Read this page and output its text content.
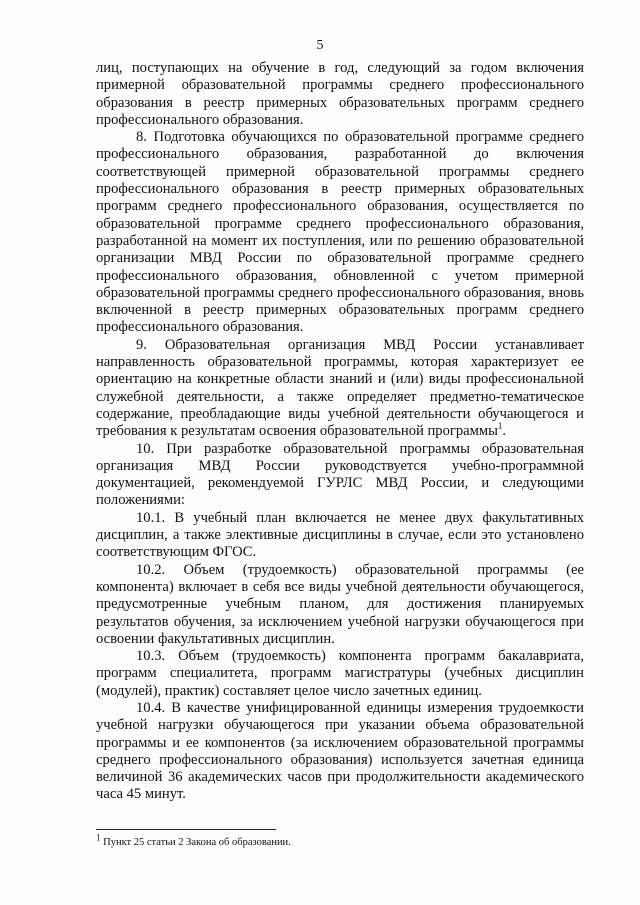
5

лиц, поступающих на обучение в год, следующий за годом включения примерной образовательной программы среднего профессионального образования в реестр примерных образовательных программ среднего профессионального образования.

8. Подготовка обучающихся по образовательной программе среднего профессионального образования, разработанной до включения соответствующей примерной образовательной программы среднего профессионального образования в реестр примерных образовательных программ среднего профессионального образования, осуществляется по образовательной программе среднего профессионального образования, разработанной на момент их поступления, или по решению образовательной организации МВД России по образовательной программе среднего профессионального образования, обновленной с учетом примерной образовательной программы среднего профессионального образования, вновь включенной в реестр примерных образовательных программ среднего профессионального образования.

9. Образовательная организация МВД России устанавливает направленность образовательной программы, которая характеризует ее ориентацию на конкретные области знаний и (или) виды профессиональной служебной деятельности, а также определяет предметно-тематическое содержание, преобладающие виды учебной деятельности обучающегося и требования к результатам освоения образовательной программы$^1$.

10. При разработке образовательной программы образовательная организация МВД России руководствуется учебно-программной документацией, рекомендуемой ГУРЛС МВД России, и следующими положениями:

10.1. В учебный план включается не менее двух факультативных дисциплин, а также элективные дисциплины в случае, если это установлено соответствующим ФГОС.

10.2. Объем (трудоемкость) образовательной программы (ее компонента) включает в себя все виды учебной деятельности обучающегося, предусмотренные учебным планом, для достижения планируемых результатов обучения, за исключением учебной нагрузки обучающегося при освоении факультативных дисциплин.

10.3. Объем (трудоемкость) компонента программ бакалавриата, программ специалитета, программ магистратуры (учебных дисциплин (модулей), практик) составляет целое число зачетных единиц.

10.4. В качестве унифицированной единицы измерения трудоемкости учебной нагрузки обучающегося при указании объема образовательной программы и ее компонентов (за исключением образовательной программы среднего профессионального образования) используется зачетная единица величиной 36 академических часов при продолжительности академического часа 45 минут.

$^1$ Пункт 25 статьи 2 Закона об образовании.
